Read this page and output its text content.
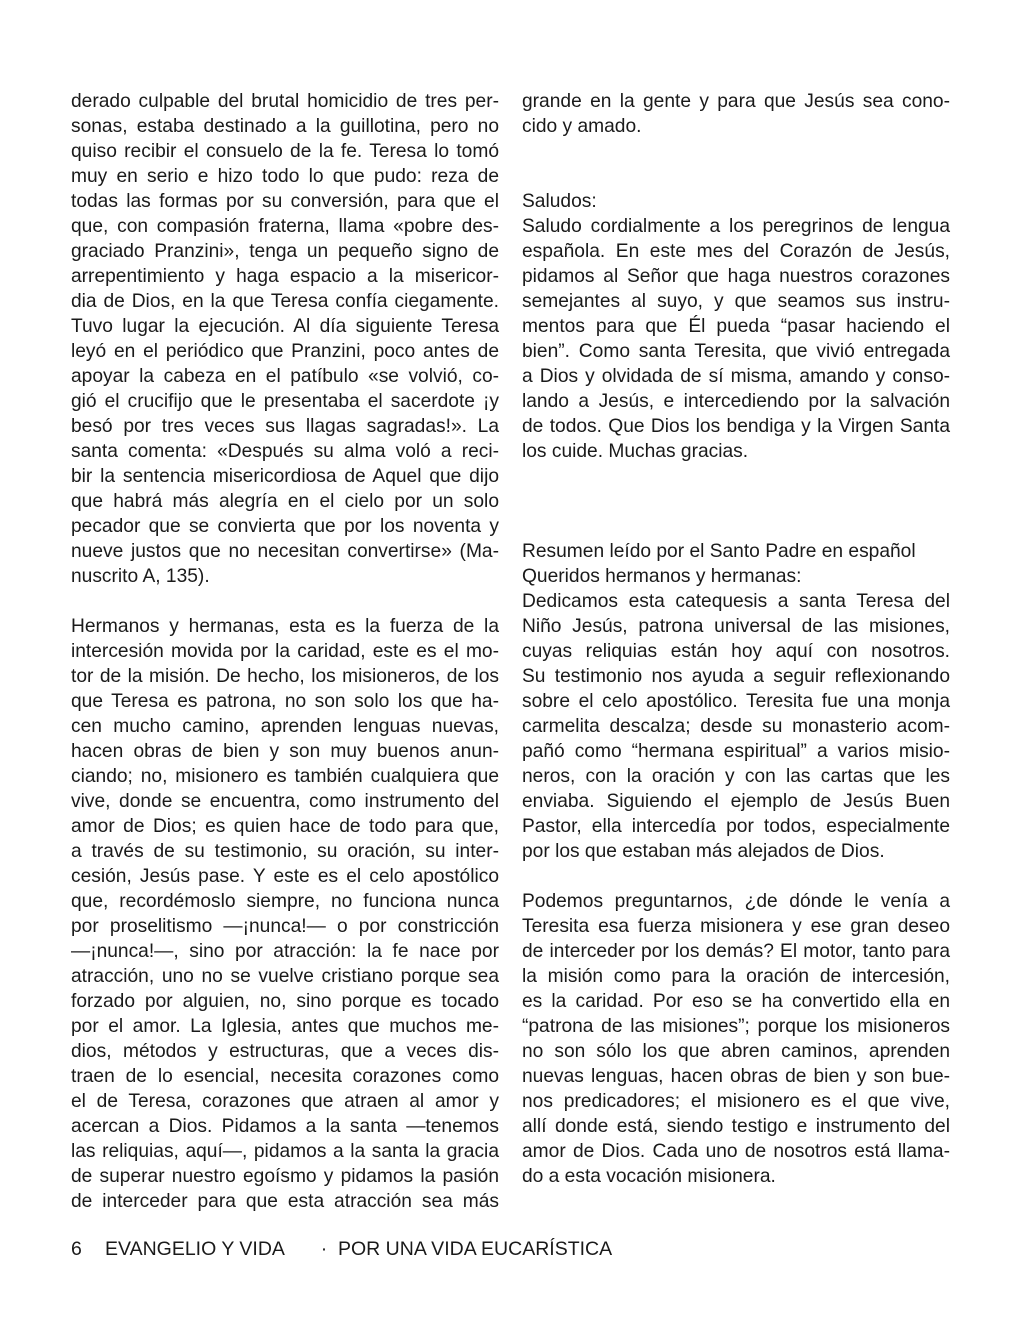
derado culpable del brutal homicidio de tres per-
sonas, estaba destinado a la guillotina, pero no
quiso recibir el consuelo de la fe. Teresa lo tomó
muy en serio e hizo todo lo que pudo: reza de
todas las formas por su conversión, para que el
que, con compasión fraterna, llama «pobre des-
graciado Pranzini», tenga un pequeño signo de
arrepentimiento y haga espacio a la misericor-
dia de Dios, en la que Teresa confía ciegamente.
Tuvo lugar la ejecución. Al día siguiente Teresa
leyó en el periódico que Pranzini, poco antes de
apoyar la cabeza en el patíbulo «se volvió, co-
gió el crucifijo que le presentaba el sacerdote ¡y
besó por tres veces sus llagas sagradas!». La
santa comenta: «Después su alma voló a reci-
bir la sentencia misericordiosa de Aquel que dijo
que habrá más alegría en el cielo por un solo
pecador que se convierta que por los noventa y
nueve justos que no necesitan convertirse» (Ma-
nuscrito A, 135).
Hermanos y hermanas, esta es la fuerza de la
intercesión movida por la caridad, este es el mo-
tor de la misión. De hecho, los misioneros, de los
que Teresa es patrona, no son solo los que ha-
cen mucho camino, aprenden lenguas nuevas,
hacen obras de bien y son muy buenos anun-
ciando; no, misionero es también cualquiera que
vive, donde se encuentra, como instrumento del
amor de Dios; es quien hace de todo para que,
a través de su testimonio, su oración, su inter-
cesión, Jesús pase. Y este es el celo apostólico
que, recordémoslo siempre, no funciona nunca
por proselitismo —¡nunca!— o por constricción
—¡nunca!—, sino por atracción: la fe nace por
atracción, uno no se vuelve cristiano porque sea
forzado por alguien, no, sino porque es tocado
por el amor. La Iglesia, antes que muchos me-
dios, métodos y estructuras, que a veces dis-
traen de lo esencial, necesita corazones como
el de Teresa, corazones que atraen al amor y
acercan a Dios. Pidamos a la santa —tenemos
las reliquias, aquí—, pidamos a la santa la gracia
de superar nuestro egoísmo y pidamos la pasión
de interceder para que esta atracción sea más
grande en la gente y para que Jesús sea cono-
cido y amado.
Saludos:
Saludo cordialmente a los peregrinos de lengua
española. En este mes del Corazón de Jesús,
pidamos al Señor que haga nuestros corazones
semejantes al suyo, y que seamos sus instru-
mentos para que Él pueda “pasar haciendo el
bien”. Como santa Teresita, que vivió entregada
a Dios y olvidada de sí misma, amando y conso-
lando a Jesús, e intercediendo por la salvación
de todos. Que Dios los bendiga y la Virgen Santa
los cuide. Muchas gracias.
Resumen leído por el Santo Padre en español
Queridos hermanos y hermanas:
Dedicamos esta catequesis a santa Teresa del
Niño Jesús, patrona universal de las misiones,
cuyas reliquias están hoy aquí con nosotros.
Su testimonio nos ayuda a seguir reflexionando
sobre el celo apostólico. Teresita fue una monja
carmelita descalza; desde su monasterio acom-
pañó como “hermana espiritual” a varios misio-
neros, con la oración y con las cartas que les
enviaba. Siguiendo el ejemplo de Jesús Buen
Pastor, ella intercedía por todos, especialmente
por los que estaban más alejados de Dios.
Podemos preguntarnos, ¿de dónde le venía a
Teresita esa fuerza misionera y ese gran deseo
de interceder por los demás? El motor, tanto para
la misión como para la oración de intercesión,
es la caridad. Por eso se ha convertido ella en
“patrona de las misiones”; porque los misioneros
no son sólo los que abren caminos, aprenden
nuevas lenguas, hacen obras de bien y son bue-
nos predicadores; el misionero es el que vive,
allí donde está, siendo testigo e instrumento del
amor de Dios. Cada uno de nosotros está llama-
do a esta vocación misionera.
6	EVANGELIO Y VIDA	· POR UNA VIDA EUCARÍSTICA
